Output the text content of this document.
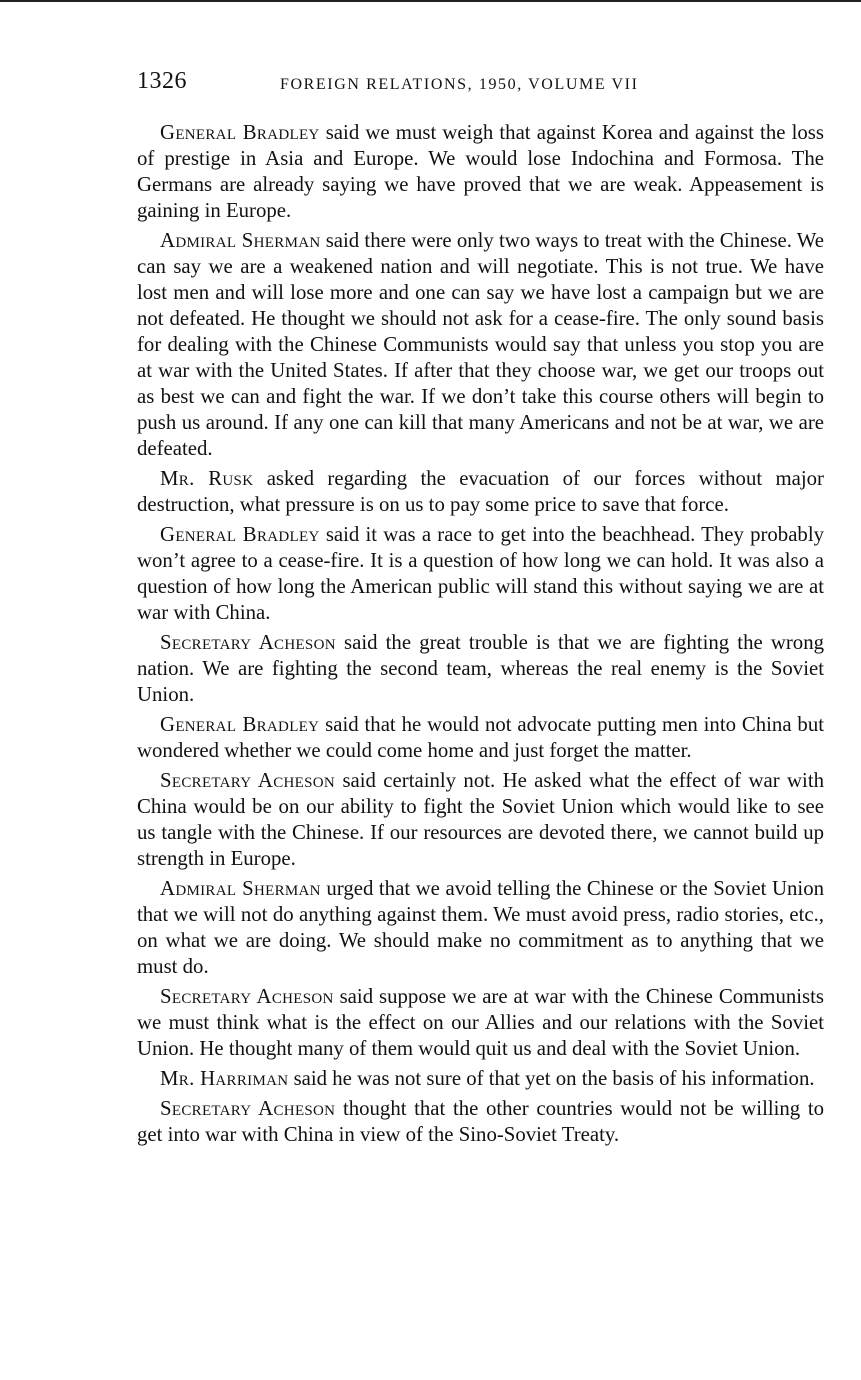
1326	FOREIGN RELATIONS, 1950, VOLUME VII

General Bradley said we must weigh that against Korea and against the loss of prestige in Asia and Europe. We would lose Indochina and Formosa. The Germans are already saying we have proved that we are weak. Appeasement is gaining in Europe.

Admiral Sherman said there were only two ways to treat with the Chinese. We can say we are a weakened nation and will negotiate. This is not true. We have lost men and will lose more and one can say we have lost a campaign but we are not defeated. He thought we should not ask for a cease-fire. The only sound basis for dealing with the Chinese Communists would say that unless you stop you are at war with the United States. If after that they choose war, we get our troops out as best we can and fight the war. If we don’t take this course others will begin to push us around. If any one can kill that many Americans and not be at war, we are defeated.

Mr. Rusk asked regarding the evacuation of our forces without major destruction, what pressure is on us to pay some price to save that force.

General Bradley said it was a race to get into the beachhead. They probably won’t agree to a cease-fire. It is a question of how long we can hold. It was also a question of how long the American public will stand this without saying we are at war with China.

Secretary Acheson said the great trouble is that we are fighting the wrong nation. We are fighting the second team, whereas the real enemy is the Soviet Union.

General Bradley said that he would not advocate putting men into China but wondered whether we could come home and just forget the matter.

Secretary Acheson said certainly not. He asked what the effect of war with China would be on our ability to fight the Soviet Union which would like to see us tangle with the Chinese. If our resources are devoted there, we cannot build up strength in Europe.

Admiral Sherman urged that we avoid telling the Chinese or the Soviet Union that we will not do anything against them. We must avoid press, radio stories, etc., on what we are doing. We should make no commitment as to anything that we must do.

Secretary Acheson said suppose we are at war with the Chinese Communists we must think what is the effect on our Allies and our relations with the Soviet Union. He thought many of them would quit us and deal with the Soviet Union.

Mr. Harriman said he was not sure of that yet on the basis of his information.

Secretary Acheson thought that the other countries would not be willing to get into war with China in view of the Sino-Soviet Treaty.
